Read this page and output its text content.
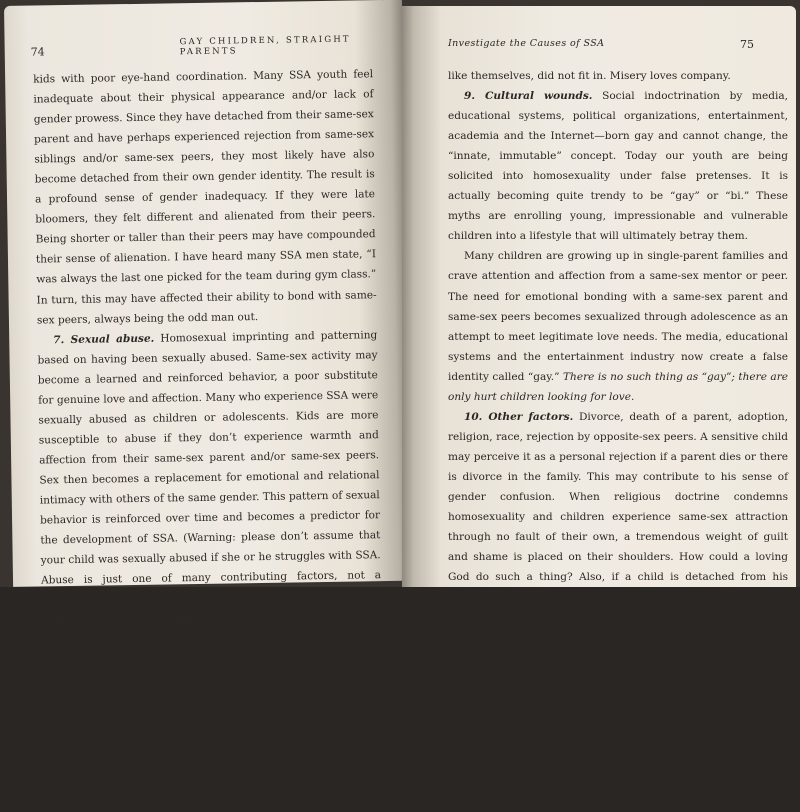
74
GAY CHILDREN, STRAIGHT PARENTS

kids with poor eye-hand coordination. Many SSA youth feel inadequate about their physical appearance and/or lack of gender prowess. Since they have detached from their same-sex parent and have perhaps experienced rejection from same-sex siblings and/or same-sex peers, they most likely have also become detached from their own gender identity. The result is a profound sense of gender inadequacy. If they were late bloomers, they felt different and alienated from their peers. Being shorter or taller than their peers may have compounded their sense of alienation. I have heard many SSA men state, “I was always the last one picked for the team during gym class.” In turn, this may have affected their ability to bond with same-sex peers, always being the odd man out.

7. Sexual abuse. Homosexual imprinting and patterning based on having been sexually abused. Same-sex activity may become a learned and reinforced behavior, a poor substitute for genuine love and affection. Many who experience SSA were sexually abused as children or adolescents. Kids are more susceptible to abuse if they don’t experience warmth and affection from their same-sex parent and/or same-sex peers. Sex then becomes a replacement for emotional and relational intimacy with others of the same gender. This pattern of sexual behavior is reinforced over time and becomes a predictor for the development of SSA. (Warning: please don’t assume that your child was sexually abused if she or he struggles with SSA. Abuse is just one of many contributing factors, not a prerequisite for having same-sex attraction.)

8. Homo-social wounds. Name-calling, rejection on the playground, mocking over appearance, disability or some other different characteristic. Many boys and girls experience a tremendous sense of emotional wounding because of same-sex peer rejection. They do not fit in and are called names (for example, “sissy,” “faggot,” “queer,” “dyke,” “lessy,” “tomboy”). Often the boys are more comfortable with female friends and shy away from typical male activities. When they “come out,” instantaneously they are surrounded by a welcoming community of others who,

Investigate the Causes of SSA	75

like themselves, did not fit in. Misery loves company.

9. Cultural wounds. Social indoctrination by media, educational systems, political organizations, entertainment, academia and the Internet—born gay and cannot change, the “innate, immutable” concept. Today our youth are being solicited into homosexuality under false pretenses. It is actually becoming quite trendy to be “gay” or “bi.” These myths are enrolling young, impressionable and vulnerable children into a lifestyle that will ultimately betray them.

Many children are growing up in single-parent families and crave attention and affection from a same-sex mentor or peer. The need for emotional bonding with a same-sex parent and same-sex peers becomes sexualized through adolescence as an attempt to meet legitimate love needs. The media, educational systems and the entertainment industry now create a false identity called “gay.” There is no such thing as “gay”; there are only hurt children looking for love.

10. Other factors. Divorce, death of a parent, adoption, religion, race, rejection by opposite-sex peers. A sensitive child may perceive it as a personal rejection if a parent dies or there is divorce in the family. This may contribute to his sense of gender confusion. When religious doctrine condemns homosexuality and children experience same-sex attraction through no fault of their own, a tremendous weight of guilt and shame is placed on their shoulders. How could a loving God do such a thing? Also, if a child is detached from his parents, he will most often reject his parents’ “God” or religious beliefs.

An adopted child may feel rejected by the birth parents and never securely attached to the new family. This sense of rejection may reside deep in the unconscious, creating a pattern of insecurity.

And finally, a boy with an already fragile sense of gender identity (or lack thereof) may experience rejection when trying to court or date a girl. Her refusal further distances him from feeling like a man.
